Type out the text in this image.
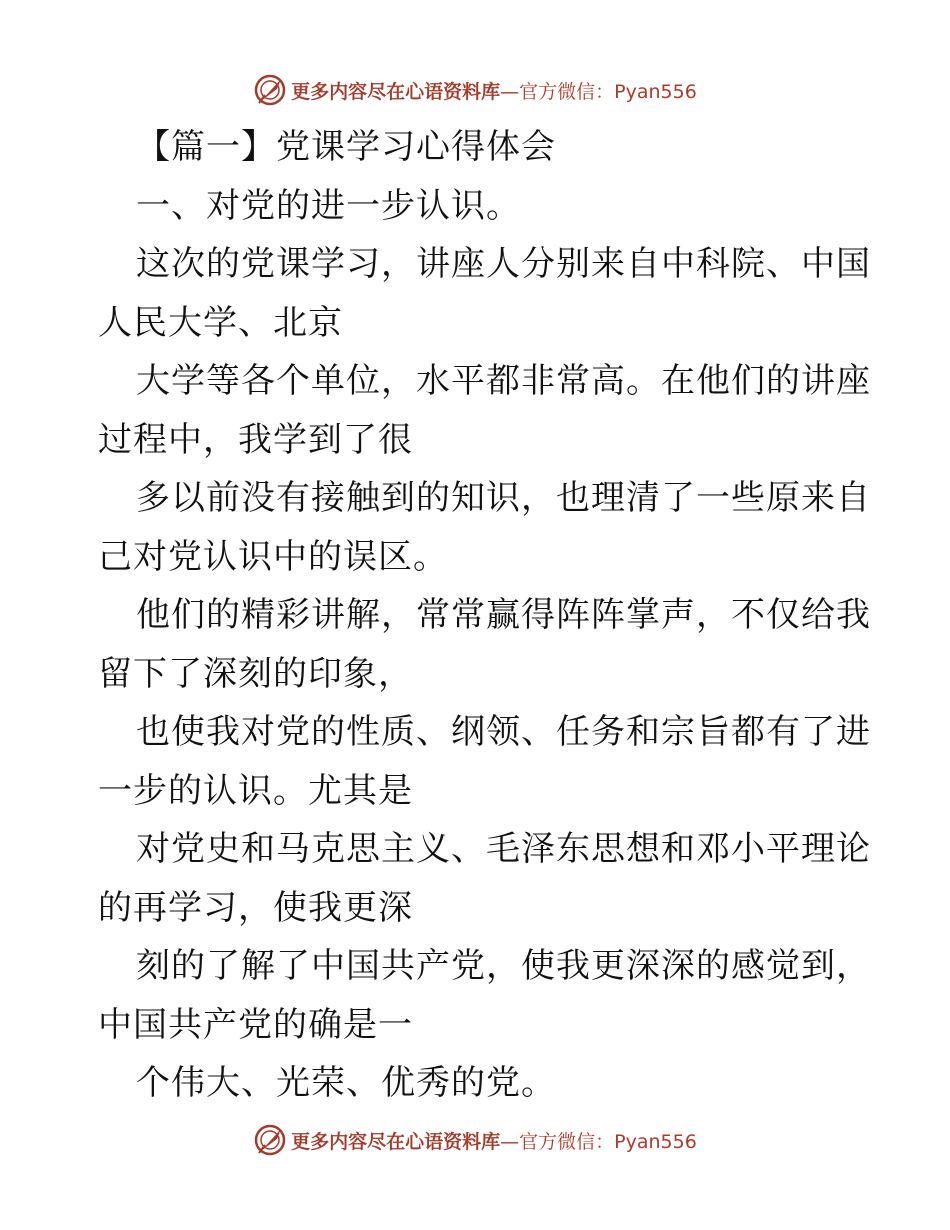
更多内容尽在心语资料库—官方微信：Pyan556
【篇一】党课学习心得体会
一、对党的进一步认识。
这次的党课学习，讲座人分别来自中科院、中国
人民大学、北京
大学等各个单位，水平都非常高。在他们的讲座
过程中，我学到了很
多以前没有接触到的知识，也理清了一些原来自
己对党认识中的误区。
他们的精彩讲解，常常赢得阵阵掌声，不仅给我
留下了深刻的印象，
也使我对党的性质、纲领、任务和宗旨都有了进
一步的认识。尤其是
对党史和马克思主义、毛泽东思想和邓小平理论
的再学习，使我更深
刻的了解了中国共产党，使我更深深的感觉到，
中国共产党的确是一
个伟大、光荣、优秀的党。
更多内容尽在心语资料库—官方微信：Pyan556
